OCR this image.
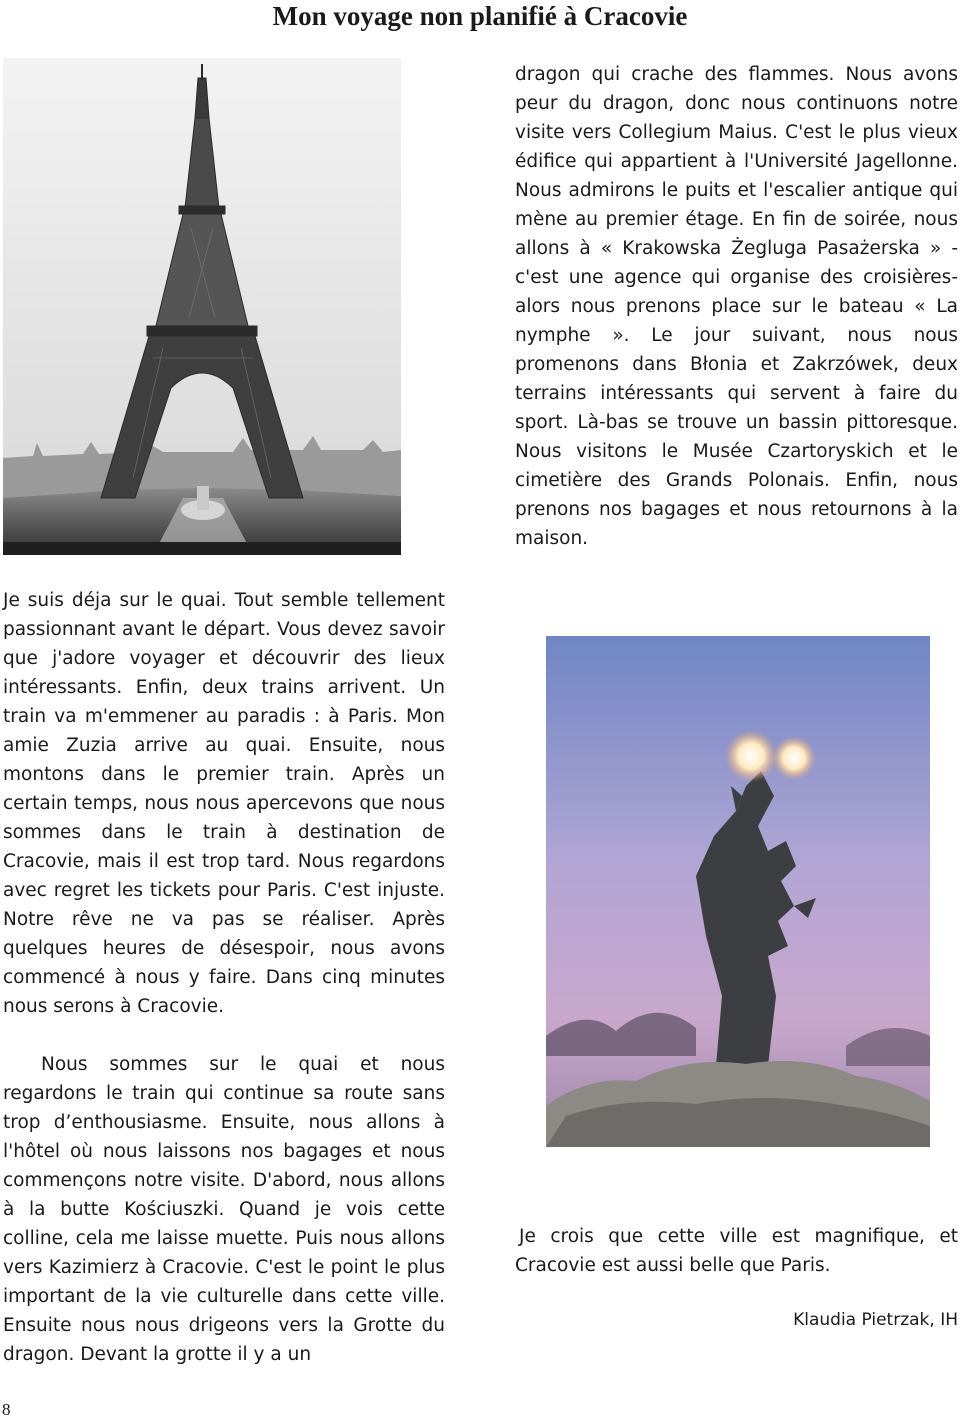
Mon voyage non planifié à Cracovie

Je suis déja sur le quai. Tout semble tellement passionnant avant le départ. Vous devez savoir que j'adore voyager et découvrir des lieux intéressants. Enfin, deux trains arrivent. Un train va m'emmener au paradis : à Paris. Mon amie Zuzia arrive au quai. Ensuite, nous montons dans le premier train. Après un certain temps, nous nous apercevons que nous sommes dans le train à destination de Cracovie, mais il est trop tard. Nous regardons avec regret les tickets pour Paris. C'est injuste. Notre rêve ne va pas se réaliser. Après quelques heures de désespoir, nous avons commencé à nous y faire. Dans cinq minutes nous serons à Cracovie.

Nous sommes sur le quai et nous regardons le train qui continue sa route sans trop d’enthousiasme. Ensuite, nous allons à l'hôtel où nous laissons nos bagages et nous commençons notre visite. D'abord, nous allons à la butte Kościuszki. Quand je vois cette colline, cela me laisse muette. Puis nous allons vers Kazimierz à Cracovie. C'est le point le plus important de la vie culturelle dans cette ville. Ensuite nous nous drigeons vers la Grotte du dragon. Devant la grotte il y a un

dragon qui crache des flammes. Nous avons peur du dragon, donc nous continuons notre visite vers Collegium Maius. C'est le plus vieux édifice qui appartient à l'Université Jagellonne. Nous admirons le puits et l'escalier antique qui mène au premier étage. En fin de soirée, nous allons à « Krakowska Żegluga Pasażerska » -c'est une agence qui organise des croisières- alors nous prenons place sur le bateau « La nymphe ». Le jour suivant, nous nous promenons dans Błonia et Zakrzówek, deux terrains intéressants qui servent à faire du sport. Là-bas se trouve un bassin pittoresque. Nous visitons le Musée Czartoryskich et le cimetière des Grands Polonais. Enfin, nous prenons nos bagages et nous retournons à la maison.

Je crois que cette ville est magnifique, et Cracovie est aussi belle que Paris.

Klaudia Pietrzak, IH

8
